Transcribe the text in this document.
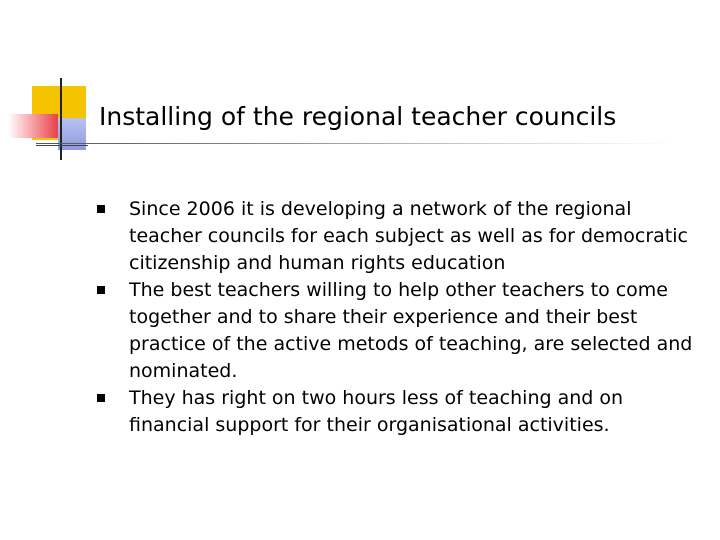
Installing of the regional teacher councils
Since 2006 it is developing a network of the regional teacher councils for each subject as well as for democratic citizenship and human rights education
The best teachers willing to help other teachers to come together and to share their experience and their best practice of the active metods of teaching, are selected and nominated.
They has right on two hours less of teaching and on financial support for their organisational activities.
